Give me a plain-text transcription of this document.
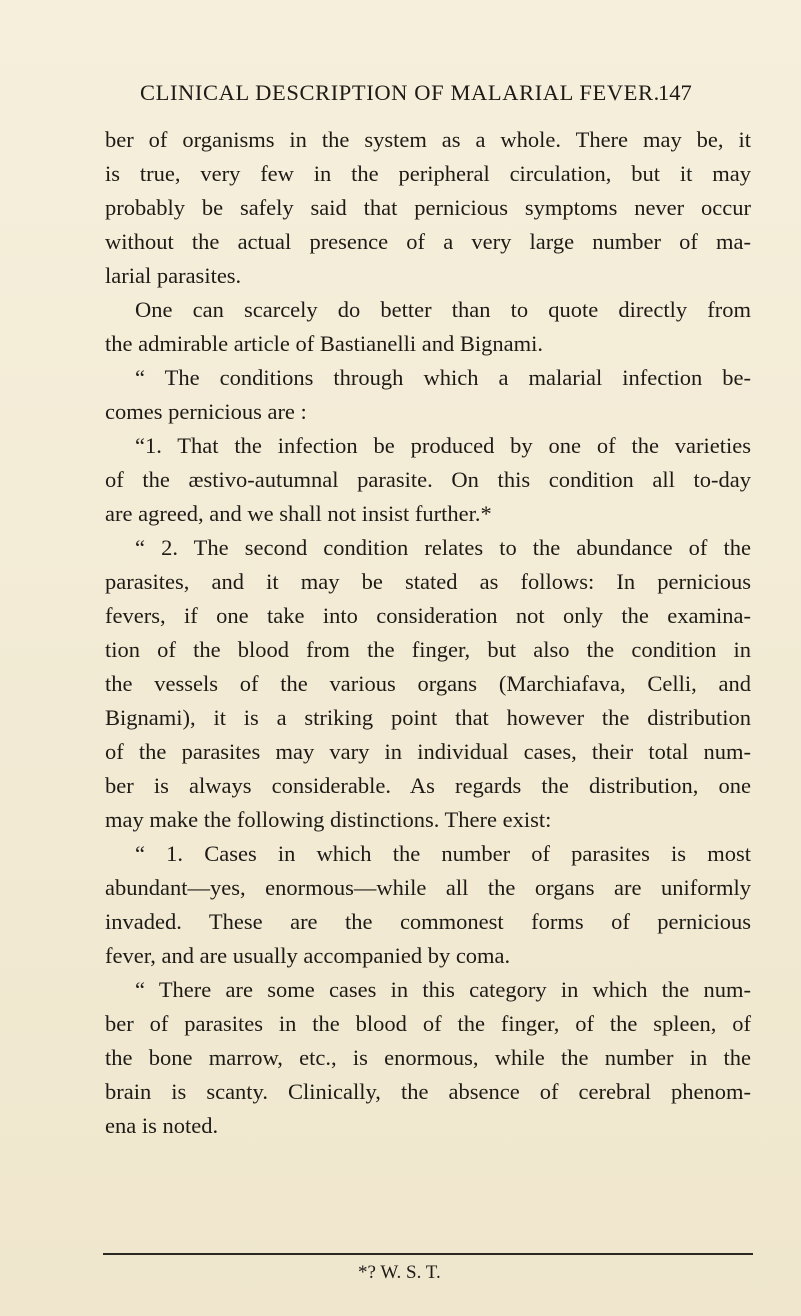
CLINICAL DESCRIPTION OF MALARIAL FEVER.
147
ber of organisms in the system as a whole. There may be, it
is true, very few in the peripheral circulation, but it may
probably be safely said that pernicious symptoms never occur
without the actual presence of a very large number of ma-
larial parasites.
One can scarcely do better than to quote directly from
the admirable article of Bastianelli and Bignami.
“ The conditions through which a malarial infection be-
comes pernicious are :
“1. That the infection be produced by one of the varieties
of the æstivo-autumnal parasite. On this condition all to-day
are agreed, and we shall not insist further.*
“ 2. The second condition relates to the abundance of the
parasites, and it may be stated as follows: In pernicious
fevers, if one take into consideration not only the examina-
tion of the blood from the finger, but also the condition in
the vessels of the various organs (Marchiafava, Celli, and
Bignami), it is a striking point that however the distribution
of the parasites may vary in individual cases, their total num-
ber is always considerable. As regards the distribution, one
may make the following distinctions. There exist:
“ 1. Cases in which the number of parasites is most
abundant—yes, enormous—while all the organs are uniformly
invaded. These are the commonest forms of pernicious
fever, and are usually accompanied by coma.
“ There are some cases in this category in which the num-
ber of parasites in the blood of the finger, of the spleen, of
the bone marrow, etc., is enormous, while the number in the
brain is scanty. Clinically, the absence of cerebral phenom-
ena is noted.
*? W. S. T.
